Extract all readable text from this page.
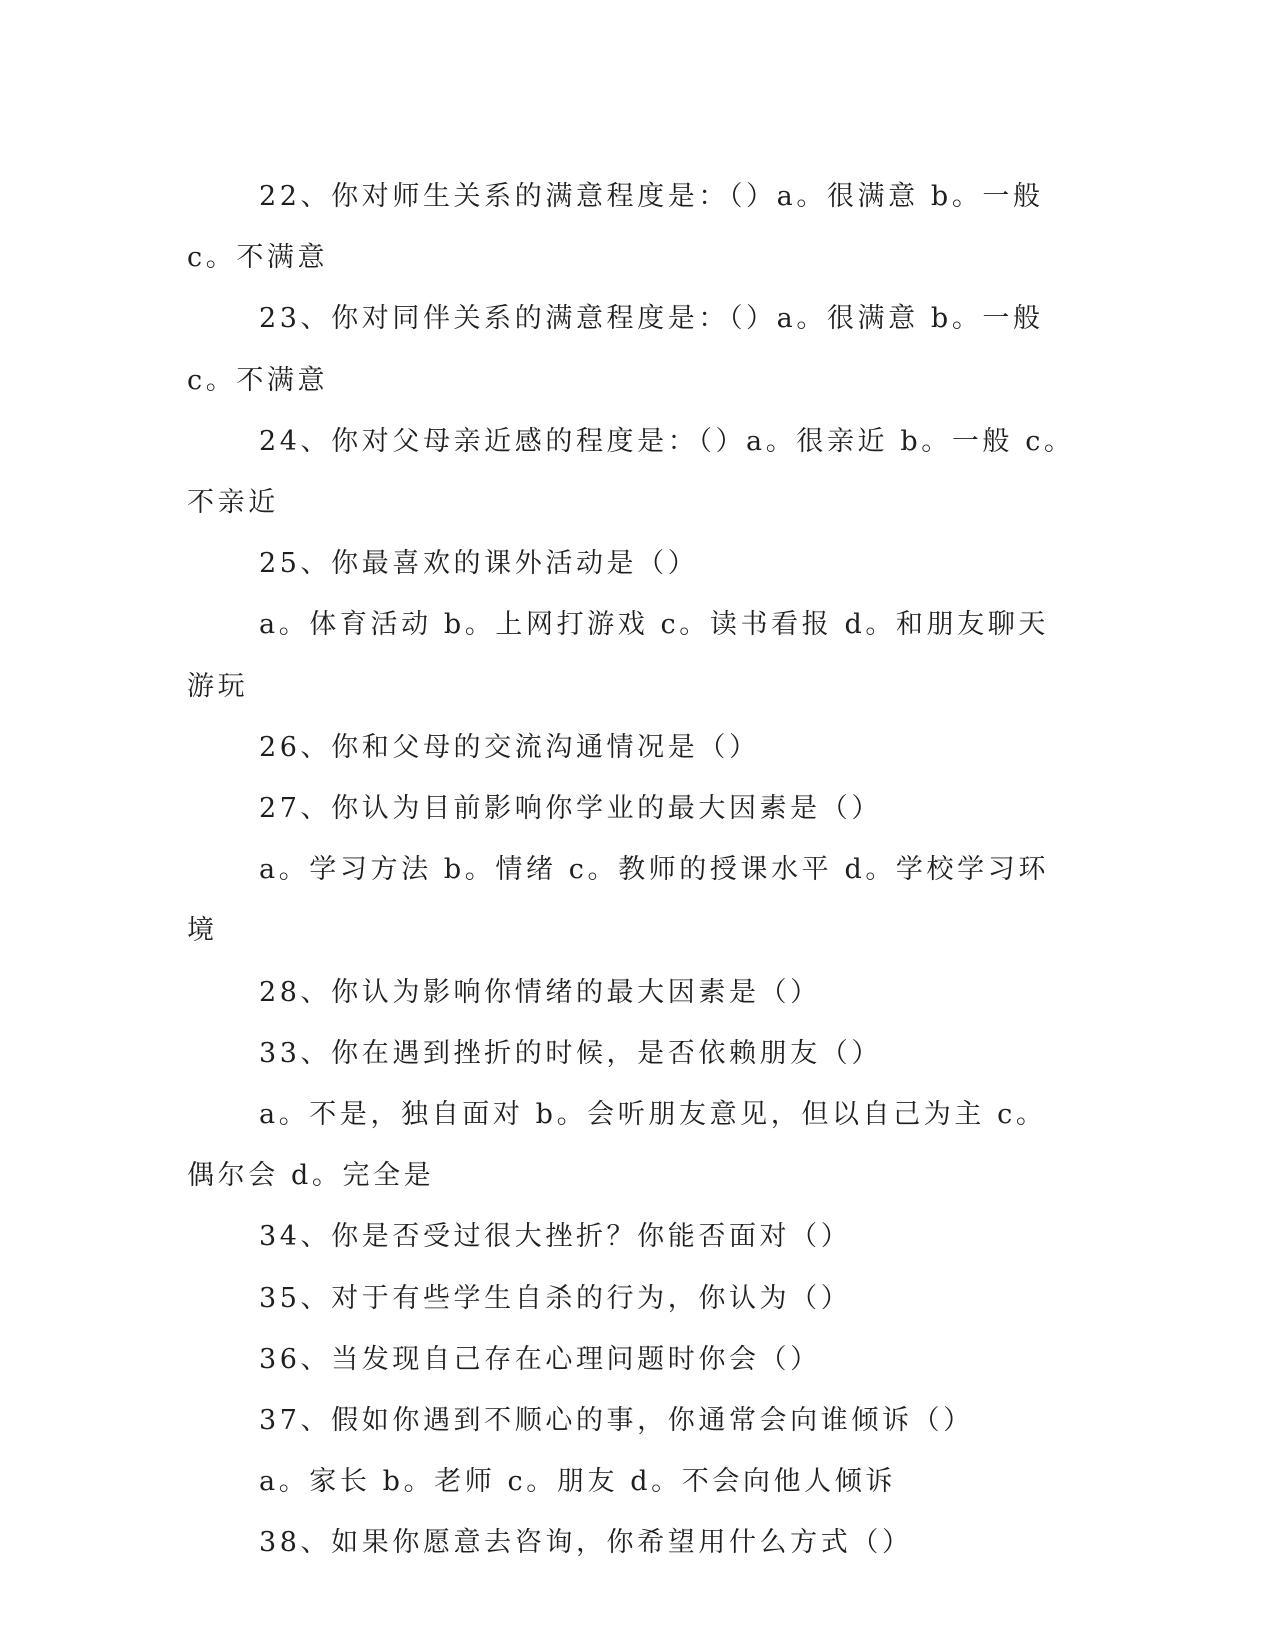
22、你对师生关系的满意程度是：（）a。很满意 b。一般 c。不满意

23、你对同伴关系的满意程度是：（）a。很满意 b。一般 c。不满意

24、你对父母亲近感的程度是：（）a。很亲近 b。一般 c。不亲近

25、你最喜欢的课外活动是（）

a。体育活动 b。上网打游戏 c。读书看报 d。和朋友聊天游玩

26、你和父母的交流沟通情况是（）

27、你认为目前影响你学业的最大因素是（）

a。学习方法 b。情绪 c。教师的授课水平 d。学校学习环境

28、你认为影响你情绪的最大因素是（）

33、你在遇到挫折的时候，是否依赖朋友（）

a。不是，独自面对 b。会听朋友意见，但以自己为主 c。偶尔会 d。完全是

34、你是否受过很大挫折？你能否面对（）

35、对于有些学生自杀的行为，你认为（）

36、当发现自己存在心理问题时你会（）

37、假如你遇到不顺心的事，你通常会向谁倾诉（）

a。家长 b。老师 c。朋友 d。不会向他人倾诉

38、如果你愿意去咨询，你希望用什么方式（）
